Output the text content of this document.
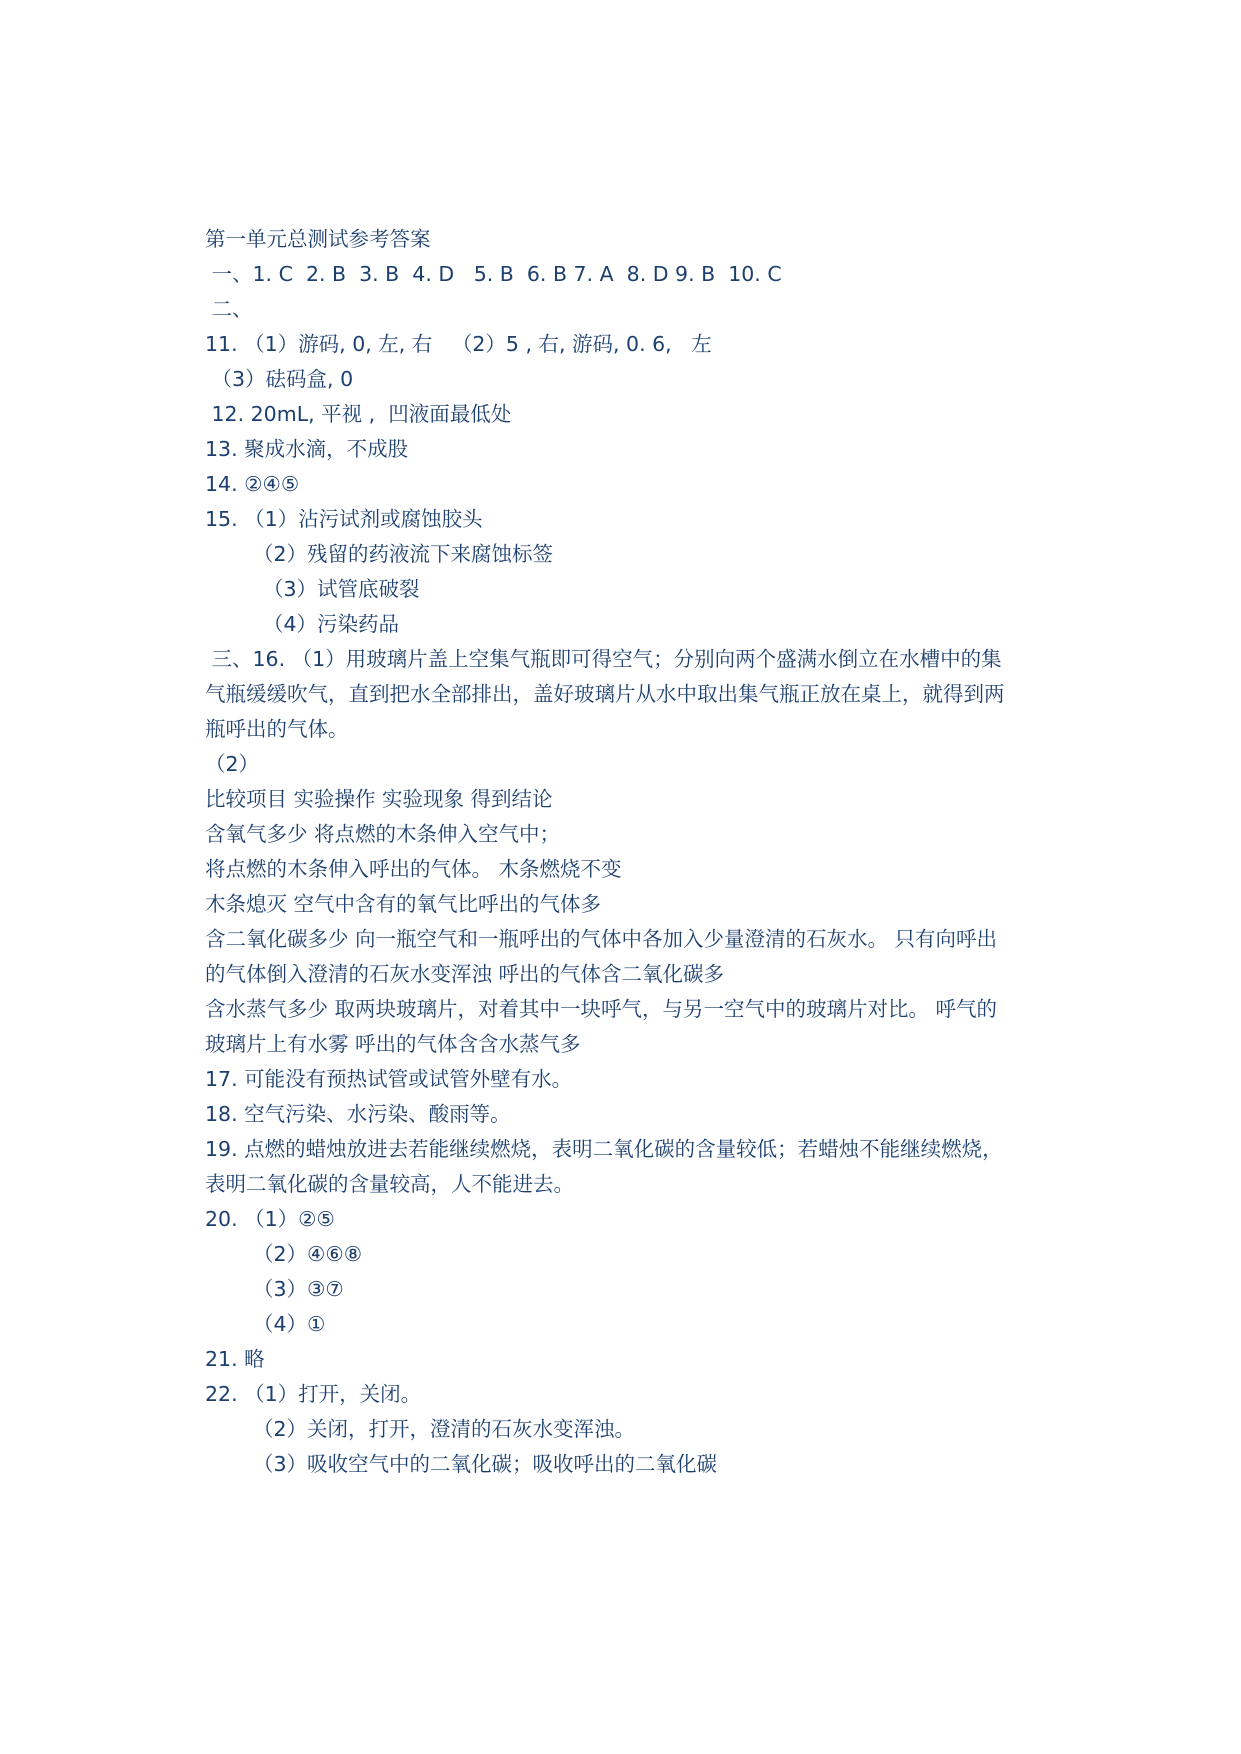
第一单元总测试参考答案
一、1. C  2. B  3. B  4. D   5. B  6. B 7. A  8. D 9. B  10. C
二、
11. （1）游码, 0, 左, 右   （2）5 , 右, 游码, 0. 6,   左
（3）砝码盒, 0
12. 20mL, 平视 ,  凹液面最低处
13. 聚成水滴，不成股
14. ②④⑤
15. （1）沾污试剂或腐蚀胶头
（2）残留的药液流下来腐蚀标签
（3）试管底破裂
（4）污染药品
三、16. （1）用玻璃片盖上空集气瓶即可得空气；分别向两个盛满水倒立在水槽中的集
气瓶缓缓吹气，直到把水全部排出，盖好玻璃片从水中取出集气瓶正放在桌上，就得到两
瓶呼出的气体。
（2）
比较项目 实验操作 实验现象 得到结论
含氧气多少 将点燃的木条伸入空气中；
将点燃的木条伸入呼出的气体。 木条燃烧不变
木条熄灭 空气中含有的氧气比呼出的气体多
含二氧化碳多少 向一瓶空气和一瓶呼出的气体中各加入少量澄清的石灰水。 只有向呼出
的气体倒入澄清的石灰水变浑浊 呼出的气体含二氧化碳多
含水蒸气多少 取两块玻璃片，对着其中一块呼气，与另一空气中的玻璃片对比。 呼气的
玻璃片上有水雾 呼出的气体含含水蒸气多
17. 可能没有预热试管或试管外壁有水。
18. 空气污染、水污染、酸雨等。
19. 点燃的蜡烛放进去若能继续燃烧，表明二氧化碳的含量较低；若蜡烛不能继续燃烧，
表明二氧化碳的含量较高，人不能进去。
20. （1）②⑤
（2）④⑥⑧
（3）③⑦
（4）①
21. 略
22. （1）打开，关闭。
（2）关闭，打开，澄清的石灰水变浑浊。
（3）吸收空气中的二氧化碳；吸收呼出的二氧化碳
